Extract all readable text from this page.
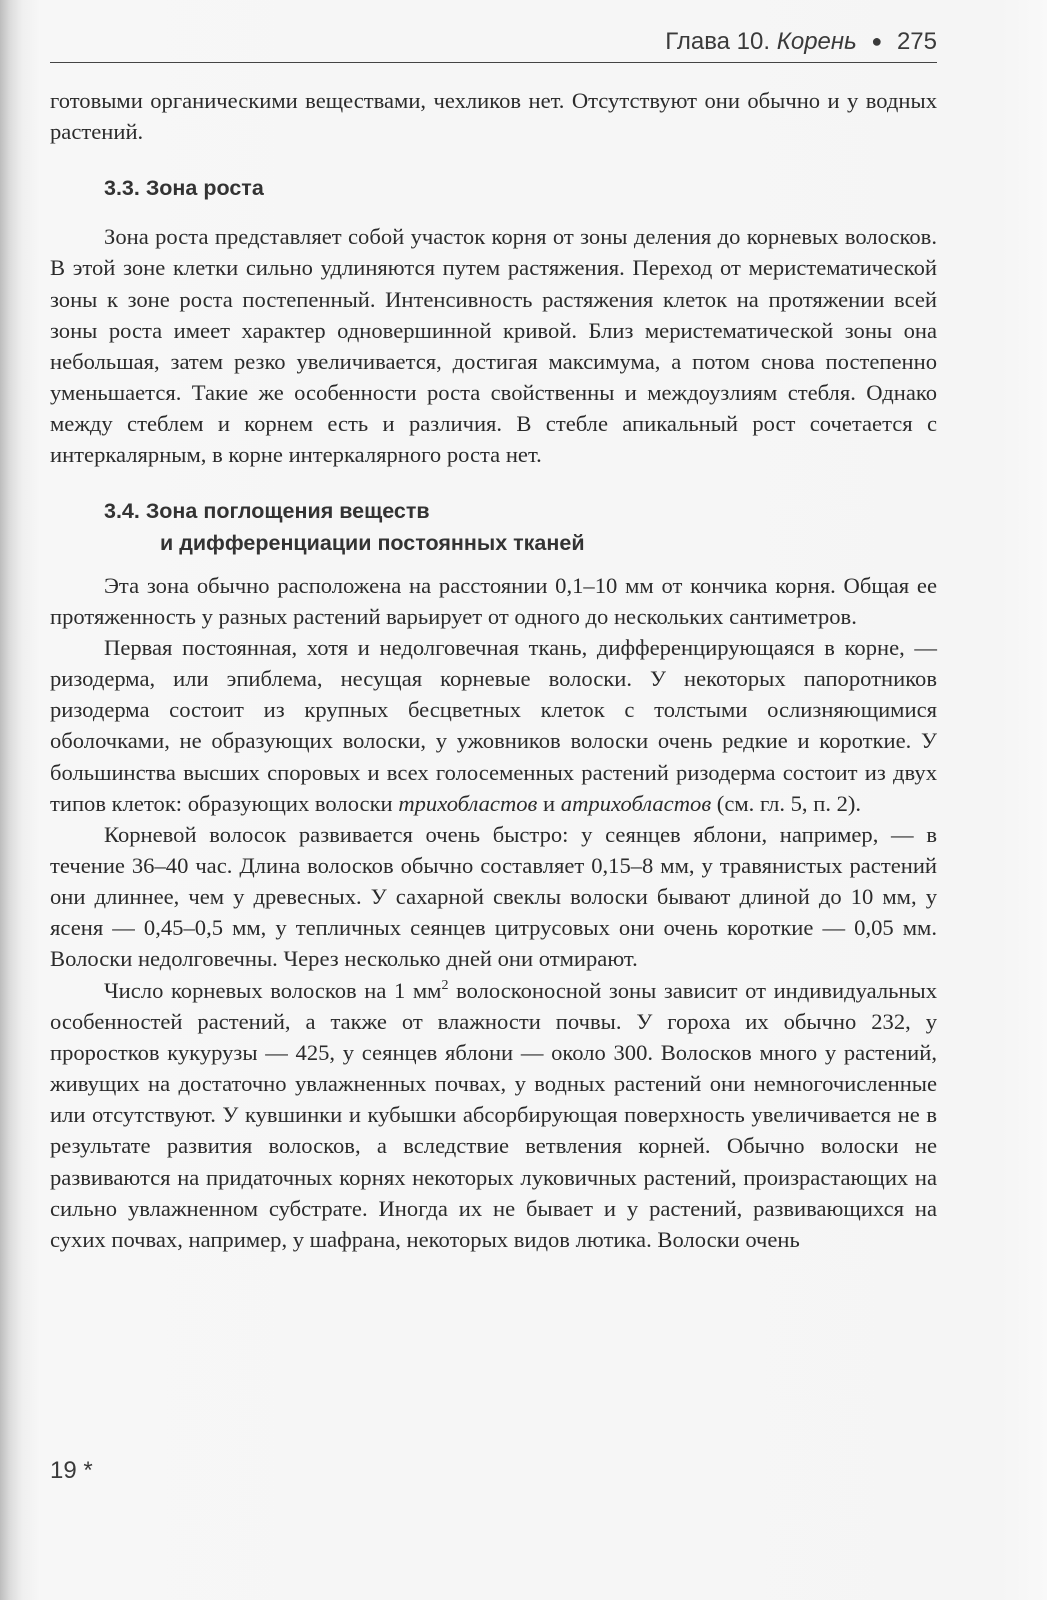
Глава 10. Корень ● 275

готовыми органическими веществами, чехликов нет. Отсутствуют они обычно и у водных растений.

3.3. Зона роста

Зона роста представляет собой участок корня от зоны деления до корневых волосков. В этой зоне клетки сильно удлиняются путем растяжения. Переход от меристематической зоны к зоне роста постепенный. Интенсивность растяжения клеток на протяжении всей зоны роста имеет характер одновершинной кривой. Близ меристематической зоны она небольшая, затем резко увеличивается, достигая максимума, а потом снова постепенно уменьшается. Такие же особенности роста свойственны и междоузлиям стебля. Однако между стеблем и корнем есть и различия. В стебле апикальный рост сочетается с интеркалярным, в корне интеркалярного роста нет.

3.4. Зона поглощения веществ
и дифференциации постоянных тканей

Эта зона обычно расположена на расстоянии 0,1–10 мм от кончика корня. Общая ее протяженность у разных растений варьирует от одного до нескольких сантиметров.

Первая постоянная, хотя и недолговечная ткань, дифференцирующаяся в корне, — ризодерма, или эпиблема, несущая корневые волоски. У некоторых папоротников ризодерма состоит из крупных бесцветных клеток с толстыми ослизняющимися оболочками, не образующих волоски, у ужовников волоски очень редкие и короткие. У большинства высших споровых и всех голосеменных растений ризодерма состоит из двух типов клеток: образующих волоски трихобластов и атрихобластов (см. гл. 5, п. 2).

Корневой волосок развивается очень быстро: у сеянцев яблони, например, — в течение 36–40 час. Длина волосков обычно составляет 0,15–8 мм, у травянистых растений они длиннее, чем у древесных. У сахарной свеклы волоски бывают длиной до 10 мм, у ясеня — 0,45–0,5 мм, у тепличных сеянцев цитрусовых они очень короткие — 0,05 мм. Волоски недолговечны. Через несколько дней они отмирают.

Число корневых волосков на 1 $мм^2$ волосконосной зоны зависит от индивидуальных особенностей растений, а также от влажности почвы. У гороха их обычно 232, у проростков кукурузы — 425, у сеянцев яблони — около 300. Волосков много у растений, живущих на достаточно увлажненных почвах, у водных растений они немногочисленные или отсутствуют. У кувшинки и кубышки абсорбирующая поверхность увеличивается не в результате развития волосков, а вследствие ветвления корней. Обычно волоски не развиваются на придаточных корнях некоторых луковичных растений, произрастающих на сильно увлажненном субстрате. Иногда их не бывает и у растений, развивающихся на сухих почвах, например, у шафрана, некоторых видов лютика. Волоски очень

19 *
